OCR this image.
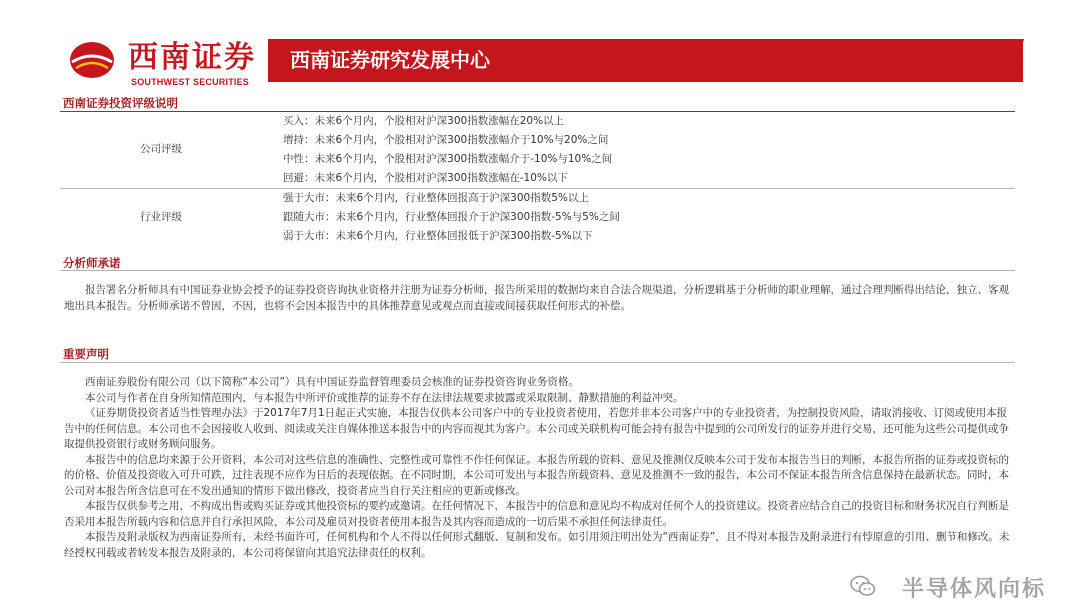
西南证券
SOUTHWEST SECURITIES
西南证券研究发展中心
西南证券投资评级说明
公司评级
买入：未来6个月内，个股相对沪深300指数涨幅在20%以上
增持：未来6个月内，个股相对沪深300指数涨幅介于10%与20%之间
中性：未来6个月内，个股相对沪深300指数涨幅介于-10%与10%之间
回避：未来6个月内，个股相对沪深300指数涨幅在-10%以下
行业评级
强于大市：未来6个月内，行业整体回报高于沪深300指数5%以上
跟随大市：未来6个月内，行业整体回报介于沪深300指数-5%与5%之间
弱于大市：未来6个月内，行业整体回报低于沪深300指数-5%以下
分析师承诺

报告署名分析师具有中国证券业协会授予的证券投资咨询执业资格并注册为证券分析师，报告所采用的数据均来自合法合规渠道，分析逻辑基于分析师的职业理解，通过合理判断得出结论，独立、客观地出具本报告。分析师承诺不曾因，不因，也将不会因本报告中的具体推荐意见或观点而直接或间接获取任何形式的补偿。

重要声明

西南证券股份有限公司（以下简称“本公司”）具有中国证券监督管理委员会核准的证券投资咨询业务资格。

本公司与作者在自身所知情范围内，与本报告中所评价或推荐的证券不存在法律法规要求披露或采取限制、静默措施的利益冲突。

《证券期货投资者适当性管理办法》于2017年7月1日起正式实施，本报告仅供本公司客户中的专业投资者使用，若您并非本公司客户中的专业投资者，为控制投资风险，请取消接收、订阅或使用本报告中的任何信息。本公司也不会因接收人收到、阅读或关注自媒体推送本报告中的内容而视其为客户。本公司或关联机构可能会持有报告中提到的公司所发行的证券并进行交易，还可能为这些公司提供或争取提供投资银行或财务顾问服务。

本报告中的信息均来源于公开资料，本公司对这些信息的准确性、完整性或可靠性不作任何保证。本报告所载的资料、意见及推测仅反映本公司于发布本报告当日的判断，本报告所指的证券或投资标的的价格、价值及投资收入可升可跌，过往表现不应作为日后的表现依据。在不同时期，本公司可发出与本报告所载资料、意见及推测不一致的报告，本公司不保证本报告所含信息保持在最新状态。同时，本公司对本报告所含信息可在不发出通知的情形下做出修改，投资者应当自行关注相应的更新或修改。

本报告仅供参考之用，不构成出售或购买证券或其他投资标的要约或邀请。在任何情况下，本报告中的信息和意见均不构成对任何个人的投资建议。投资者应结合自己的投资目标和财务状况自行判断是否采用本报告所载内容和信息并自行承担风险，本公司及雇员对投资者使用本报告及其内容而造成的一切后果不承担任何法律责任。

本报告及附录版权为西南证券所有，未经书面许可，任何机构和个人不得以任何形式翻版、复制和发布。如引用须注明出处为“西南证券”，且不得对本报告及附录进行有悖原意的引用、删节和修改。未经授权刊载或者转发本报告及附录的，本公司将保留向其追究法律责任的权利。

半导体风向标
